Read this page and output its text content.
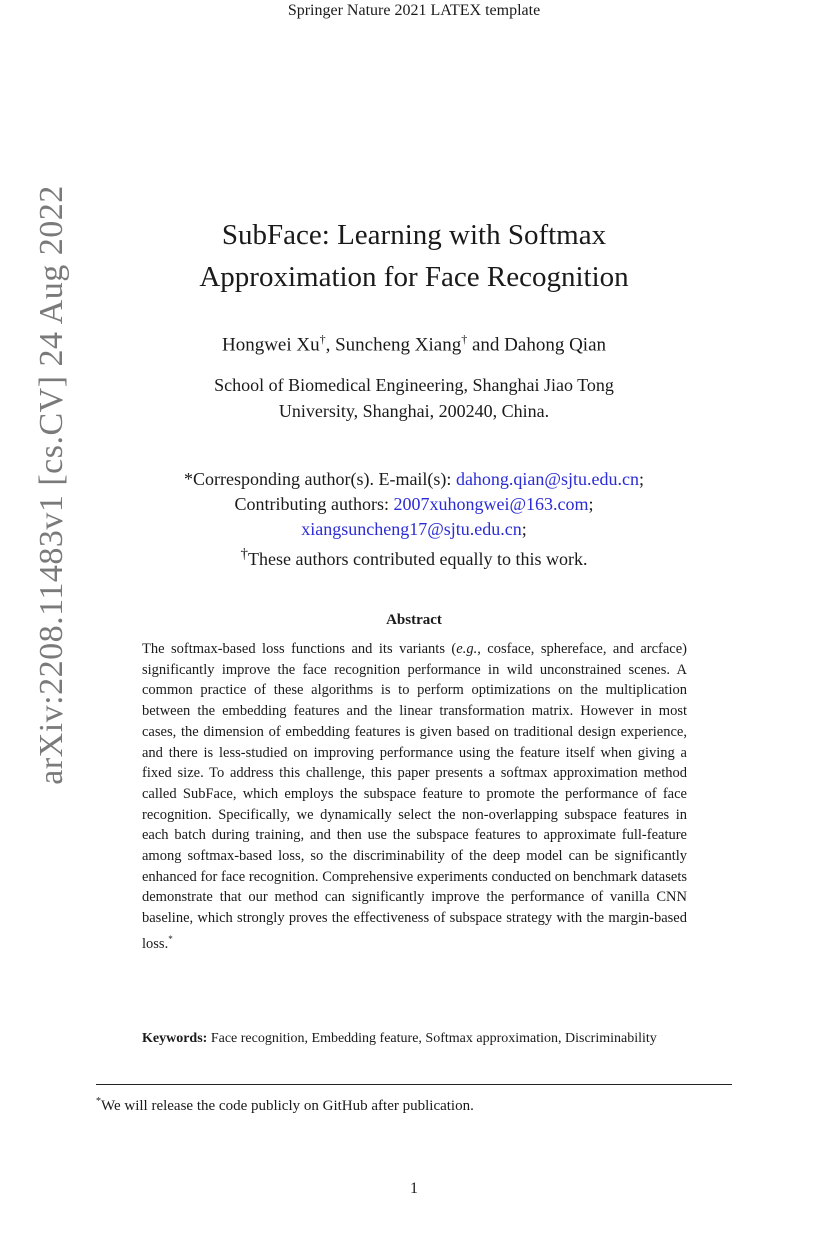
Springer Nature 2021 LATEX template
arXiv:2208.11483v1 [cs.CV] 24 Aug 2022	SubFace: Learning with Softmax
Approximation for Face Recognition
Hongwei Xu†, Suncheng Xiang† and Dahong Qian
School of Biomedical Engineering, Shanghai Jiao Tong
University, Shanghai, 200240, China.
*Corresponding author(s). E-mail(s): dahong.qian@sjtu.edu.cn;
Contributing authors: 2007xuhongwei@163.com;
xiangsuncheng17@sjtu.edu.cn;
†These authors contributed equally to this work.
Abstract
The softmax-based loss functions and its variants (e.g., cosface, sphereface, and arcface) significantly improve the face recognition performance in wild unconstrained scenes. A common practice of these algorithms is to perform optimizations on the multiplication between the embedding features and the linear transformation matrix. However in most cases, the dimension of embedding features is given based on traditional design experience, and there is less-studied on improving performance using the feature itself when giving a fixed size. To address this challenge, this paper presents a softmax approximation method called SubFace, which employs the subspace feature to promote the performance of face recognition. Specifically, we dynamically select the non-overlapping subspace features in each batch during training, and then use the subspace features to approximate full-feature among softmax-based loss, so the discriminability of the deep model can be significantly enhanced for face recognition. Comprehensive experiments conducted on benchmark datasets demonstrate that our method can significantly improve the performance of vanilla CNN baseline, which strongly proves the effectiveness of subspace strategy with the margin-based loss.*
Keywords: Face recognition, Embedding feature, Softmax approximation, Discriminability
*We will release the code publicly on GitHub after publication.
1
